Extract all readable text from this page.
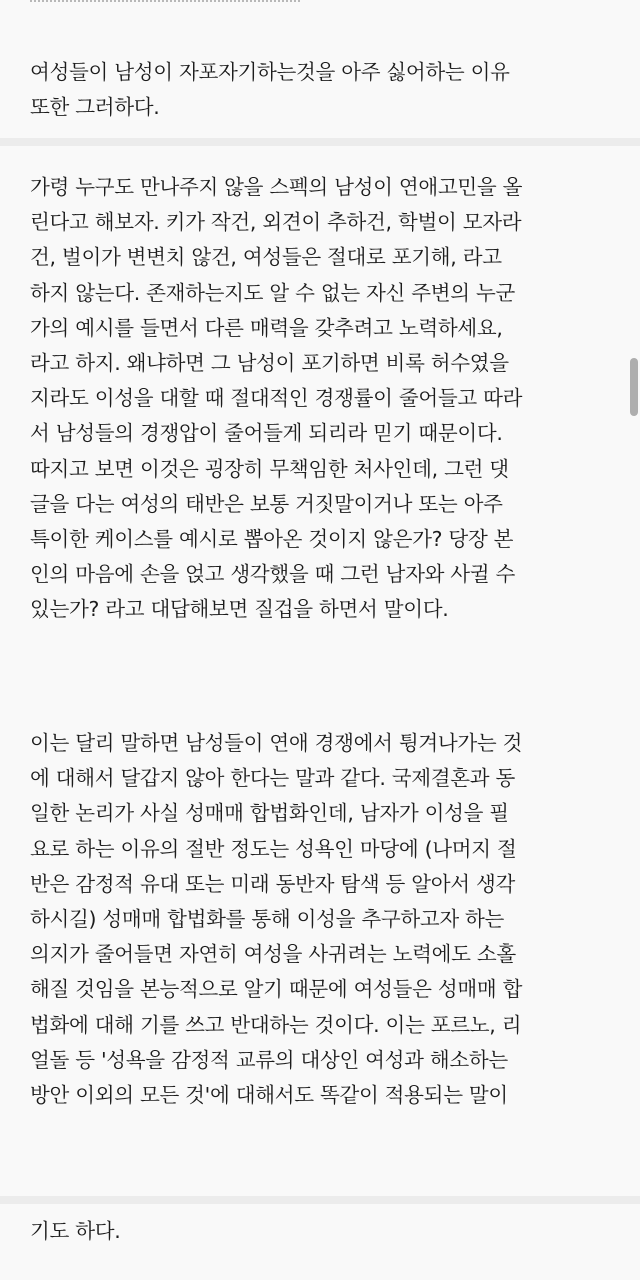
여성들이 남성이 자포자기하는것을 아주 싫어하는 이유
또한 그러하다.

가령 누구도 만나주지 않을 스펙의 남성이 연애고민을 올
린다고 해보자. 키가 작건, 외견이 추하건, 학벌이 모자라
건, 벌이가 변변치 않건, 여성들은 절대로 포기해, 라고
하지 않는다. 존재하는지도 알 수 없는 자신 주변의 누군
가의 예시를 들면서 다른 매력을 갖추려고 노력하세요,
라고 하지. 왜냐하면 그 남성이 포기하면 비록 허수였을
지라도 이성을 대할 때 절대적인 경쟁률이 줄어들고 따라
서 남성들의 경쟁압이 줄어들게 되리라 믿기 때문이다.
따지고 보면 이것은 굉장히 무책임한 처사인데, 그런 댓
글을 다는 여성의 태반은 보통 거짓말이거나 또는 아주
특이한 케이스를 예시로 뽑아온 것이지 않은가? 당장 본
인의 마음에 손을 얹고 생각했을 때 그런 남자와 사귈 수
있는가? 라고 대답해보면 질겁을 하면서 말이다.

이는 달리 말하면 남성들이 연애 경쟁에서 튕겨나가는 것
에 대해서 달갑지 않아 한다는 말과 같다. 국제결혼과 동
일한 논리가 사실 성매매 합법화인데, 남자가 이성을 필
요로 하는 이유의 절반 정도는 성욕인 마당에 (나머지 절
반은 감정적 유대 또는 미래 동반자 탐색 등 알아서 생각
하시길) 성매매 합법화를 통해 이성을 추구하고자 하는
의지가 줄어들면 자연히 여성을 사귀려는 노력에도 소홀
해질 것임을 본능적으로 알기 때문에 여성들은 성매매 합
법화에 대해 기를 쓰고 반대하는 것이다. 이는 포르노, 리
얼돌 등 '성욕을 감정적 교류의 대상인 여성과 해소하는
방안 이외의 모든 것'에 대해서도 똑같이 적용되는 말이

기도 하다.
